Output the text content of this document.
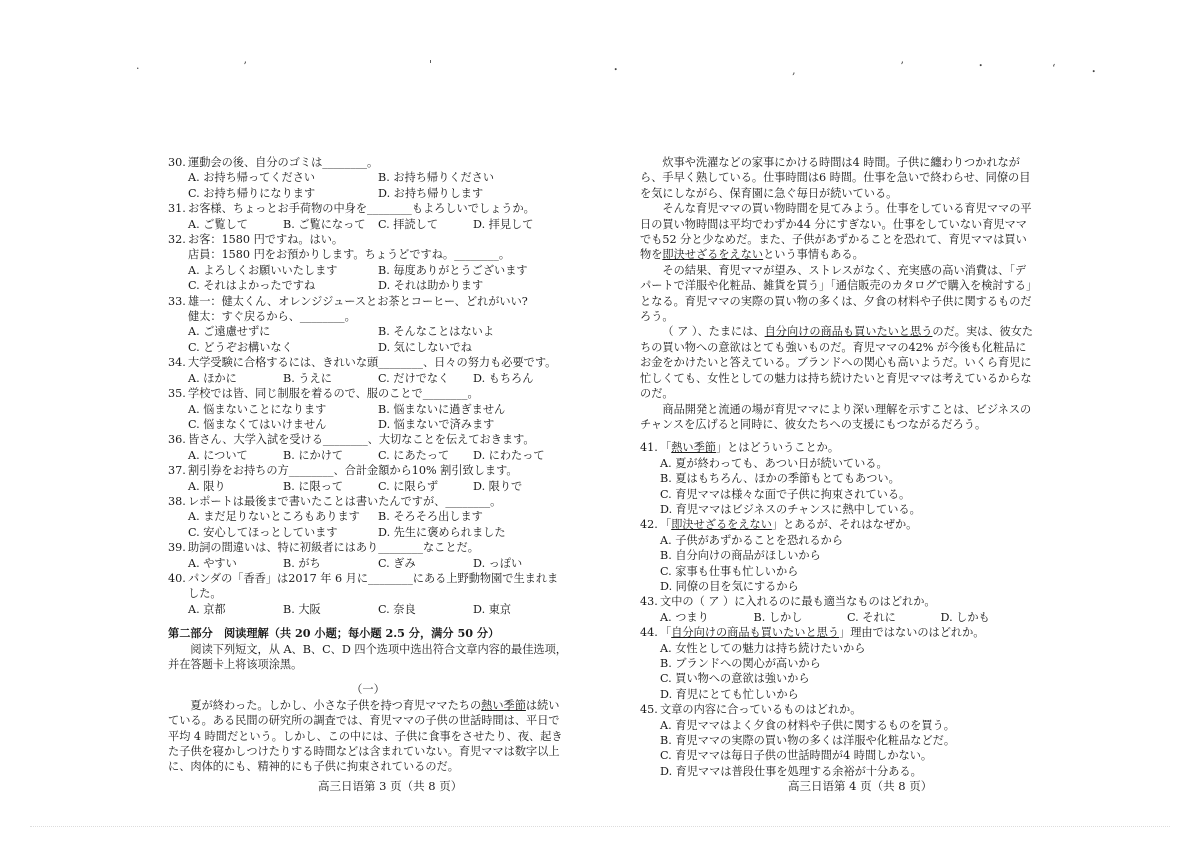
·	ʼ	'	ꞏ	‚	ʼ	ꞏ	ʻ	ꞏ
30. 運動会の後、自分のゴミは________。
A. お持ち帰ってください	B. お持ち帰りください
C. お持ち帰りになります	D. お持ち帰りします
31. お客様、ちょっとお手荷物の中身を________もよろしいでしょうか。
A. ご覧して	B. ご覧になって	C. 拝読して	D. 拝見して
32. お客：1580 円ですね。はい。
店員：1580 円をお預かりします。ちょうどですね。________。
A. よろしくお願いいたします	B. 毎度ありがとうございます
C. それはよかったですね	D. それは助かります
33. 雄一：健太くん、オレンジジュースとお茶とコーヒー、どれがいい?
健太：すぐ戻るから、________。
A. ご遠慮せずに	B. そんなことはないよ
C. どうぞお構いなく	D. 気にしないでね
34. 大学受験に合格するには、きれいな頭________、日々の努力も必要です。
A. ほかに	B. うえに	C. だけでなく	D. もちろん
35. 学校では皆、同じ制服を着るので、服のことで________。
A. 悩まないことになります	B. 悩まないに過ぎません
C. 悩まなくてはいけません	D. 悩まないで済みます
36. 皆さん、大学入試を受ける________、大切なことを伝えておきます。
A. について	B. にかけて	C. にあたって	D. にわたって
37. 割引券をお持ちの方________、合計金額から10% 割引致します。
A. 限り	B. に限って	C. に限らず	D. 限りで
38. レポートは最後まで書いたことは書いたんですが、________。
A. まだ足りないところもあります	B. そろそろ出します
C. 安心してほっとしています	D. 先生に褒められました
39. 助詞の間違いは、特に初級者にはあり________なことだ。
A. やすい	B. がち	C. ぎみ	D. っぽい
40. パンダの「香香」は2017 年 6 月に________にある上野動物園で生まれました。
A. 京都	B. 大阪	C. 奈良	D. 東京
第二部分　阅读理解（共 20 小题；每小题 2.5 分，满分 50 分）
阅读下列短文，从 A、B、C、D 四个选项中选出符合文章内容的最佳选项，并在答题卡上将该项涂黑。
（一）
夏が終わった。しかし、小さな子供を持つ育児ママたちの熱い季節は続いている。ある民間の研究所の調査では、育児ママの子供の世話時間は、平日で平均 4 時間だという。しかし、この中には、子供に食事をさせたり、夜、起きた子供を寝かしつけたりする時間などは含まれていない。育児ママは数字以上に、肉体的にも、精神的にも子供に拘束されているのだ。
高三日语第 3 页（共 8 页）
炊事や洗濯などの家事にかける時間は4 時間。子供に纏わりつかれながら、手早く熟している。仕事時間は6 時間。仕事を急いで終わらせ、同僚の目を気にしながら、保育園に急ぐ毎日が続いている。
そんな育児ママの買い物時間を見てみよう。仕事をしている育児ママの平日の買い物時間は平均でわずか44 分にすぎない。仕事をしていない育児ママでも52 分と少なめだ。また、子供があずかることを恐れて、育児ママは買い物を即決せざるをえないという事情もある。
その結果、育児ママが望み、ストレスがなく、充実感の高い消費は、「デパートで洋服や化粧品、雑貨を買う」「通信販売のカタログで購入を検討する」となる。育児ママの実際の買い物の多くは、夕食の材料や子供に関するものだろう。
（ ア ）、たまには、自分向けの商品も買いたいと思うのだ。実は、彼女たちの買い物への意欲はとても強いものだ。育児ママの42% が今後も化粧品にお金をかけたいと答えている。ブランドへの関心も高いようだ。いくら育児に忙しくても、女性としての魅力は持ち続けたいと育児ママは考えているからなのだ。
商品開発と流通の場が育児ママにより深い理解を示すことは、ビジネスのチャンスを広げると同時に、彼女たちへの支援にもつながるだろう。
41. 「熱い季節」とはどういうことか。
A. 夏が終わっても、あつい日が続いている。
B. 夏はもちろん、ほかの季節もとてもあつい。
C. 育児ママは様々な面で子供に拘束されている。
D. 育児ママはビジネスのチャンスに熱中している。
42. 「即決せざるをえない」とあるが、それはなぜか。
A. 子供があずかることを恐れるから
B. 自分向けの商品がほしいから
C. 家事も仕事も忙しいから
D. 同僚の目を気にするから
43. 文中の（ ア ）に入れるのに最も適当なものはどれか。
A. つまり	B. しかし	C. それに	D. しかも
44. 「自分向けの商品も買いたいと思う」理由ではないのはどれか。
A. 女性としての魅力は持ち続けたいから
B. ブランドへの関心が高いから
C. 買い物への意欲は強いから
D. 育児にとても忙しいから
45. 文章の内容に合っているものはどれか。
A. 育児ママはよく夕食の材料や子供に関するものを買う。
B. 育児ママの実際の買い物の多くは洋服や化粧品などだ。
C. 育児ママは毎日子供の世話時間が4 時間しかない。
D. 育児ママは普段仕事を処理する余裕が十分ある。
高三日语第 4 页（共 8 页）
